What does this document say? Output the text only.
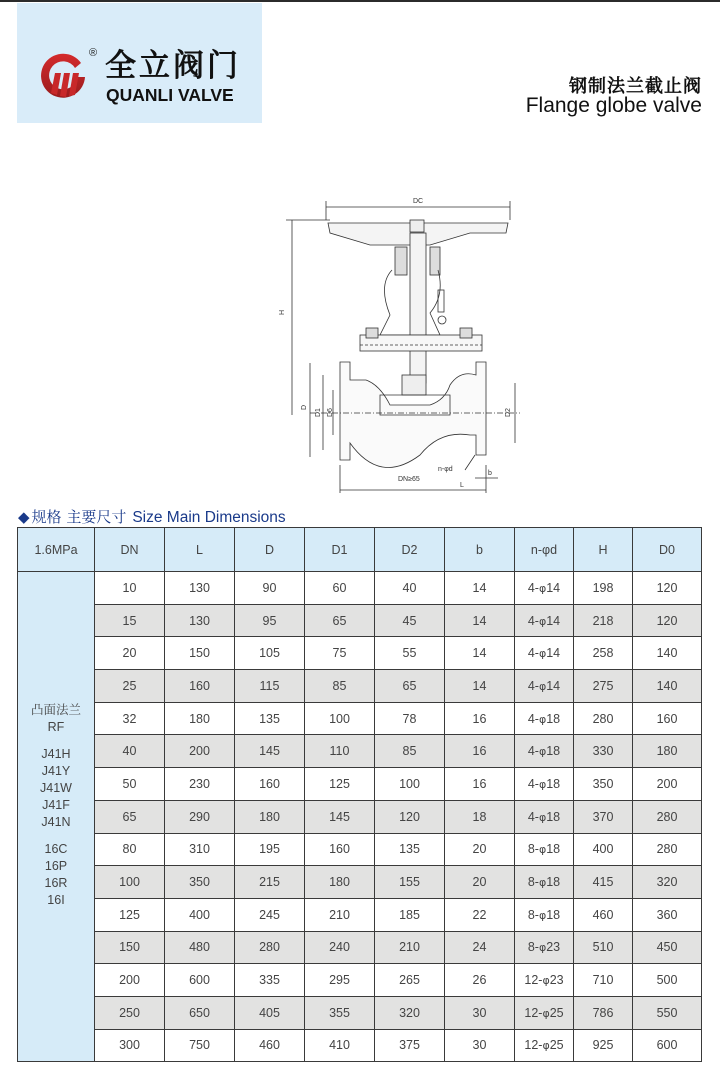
® 全立阀门
QUANLI VALVE	钢制法兰截止阀
Flange globe valve
DC
H
D
D1 D6	D2
n-φd
DN≥65
b
L
◆ 规格 主要尺寸 Size Main Dimensions
1.6MPa	DN	L	D	D1	D2	b	n-φd	H	D0

凸面法兰
RF
J41H
J41Y
J41W
J41F
J41N
16C
16P
16R
16I
	10	130	90	60	40	14	4-φ14	198	120
	15	130	95	65	45	14	4-φ14	218	120
	20	150	105	75	55	14	4-φ14	258	140
	25	160	115	85	65	14	4-φ14	275	140
	32	180	135	100	78	16	4-φ18	280	160
	40	200	145	110	85	16	4-φ18	330	180
	50	230	160	125	100	16	4-φ18	350	200
	65	290	180	145	120	18	4-φ18	370	280
	80	310	195	160	135	20	8-φ18	400	280
	100	350	215	180	155	20	8-φ18	415	320
	125	400	245	210	185	22	8-φ18	460	360
	150	480	280	240	210	24	8-φ23	510	450
	200	600	335	295	265	26	12-φ23	710	500
	250	650	405	355	320	30	12-φ25	786	550
	300	750	460	410	375	30	12-φ25	925	600
